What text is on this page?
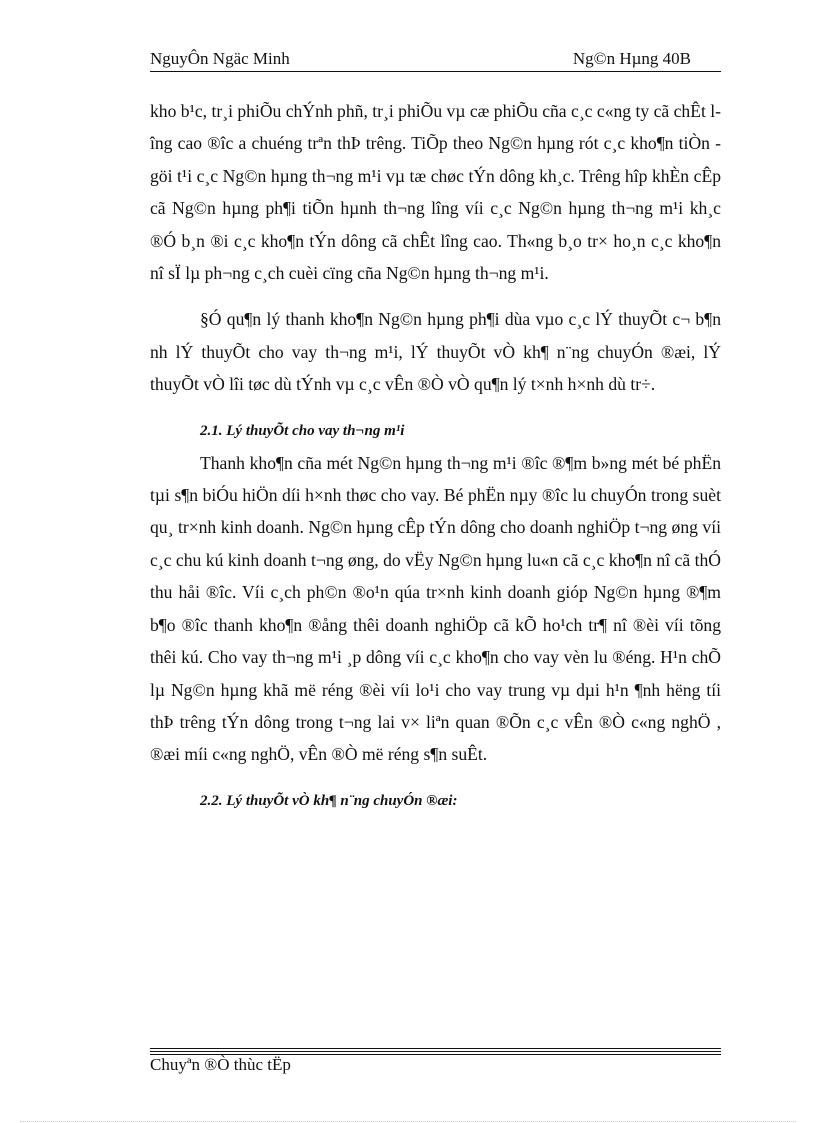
NguyÔn Ngäc Minh	Ng©n Hµng 40B

kho b¹c, tr¸i phiÕu chÝnh phñ, tr¸i phiÕu vµ cæ phiÕu cña c¸c c«ng ty cã chÊt lîng cao ®îc a chuéng trªn thÞ trêng. TiÕp theo Ng©n hµng rót c¸c kho¶n tiÒn göi t¹i c¸c Ng©n hµng th¬ng m¹i vµ tæ chøc tÝn dông kh¸c. Trêng hîp khÈn cÊp cã Ng©n hµng ph¶i tiÕn hµnh th¬ng lîng víi c¸c Ng©n hµng th¬ng m¹i kh¸c ®Ó b¸n ®i c¸c kho¶n tÝn dông cã chÊt lîng cao. Th«ng b¸o tr× ho¸n c¸c kho¶n nî sÏ lµ ph¬ng c¸ch cuèi cïng cña Ng©n hµng th¬ng m¹i.

§Ó qu¶n lý thanh kho¶n Ng©n hµng ph¶i dùa vµo c¸c lÝ thuyÕt c¬ b¶n nh lÝ thuyÕt cho vay th¬ng m¹i, lÝ thuyÕt vÒ kh¶ n¨ng chuyÓn ®æi, lÝ thuyÕt vÒ lîi tøc dù tÝnh vµ c¸c vÊn ®Ò vÒ qu¶n lý t×nh h×nh dù tr÷.

2.1. Lý thuyÕt cho vay th¬ng m¹i

Thanh kho¶n cña mét Ng©n hµng th¬ng m¹i ®îc ®¶m b»ng mét bé phËn tµi s¶n biÓu hiÖn díi h×nh thøc cho vay. Bé phËn nµy ®îc lu chuyÓn trong suèt qu¸ tr×nh kinh doanh. Ng©n hµng cÊp tÝn dông cho doanh nghiÖp t¬ng øng víi c¸c chu kú kinh doanh t¬ng øng, do vËy Ng©n hµng lu«n cã c¸c kho¶n nî cã thÓ thu håi ®îc. Víi c¸ch ph©n ®o¹n qúa tr×nh kinh doanh gióp Ng©n hµng ®¶m b¶o ®îc thanh kho¶n ®ång thêi doanh nghiÖp cã kÕ ho¹ch tr¶ nî ®èi víi tõng thêi kú. Cho vay th¬ng m¹i ¸p dông víi c¸c kho¶n cho vay vèn lu ®éng. H¹n chÕ lµ Ng©n hµng khã më réng ®èi víi lo¹i cho vay trung vµ dµi h¹n ¶nh hëng tíi thÞ trêng tÝn dông trong t¬ng lai v× liªn quan ®Õn c¸c vÊn ®Ò c«ng nghÖ , ®æi míi c«ng nghÖ, vÊn ®Ò më réng s¶n suÊt.

2.2. Lý thuyÕt vÒ kh¶ n¨ng chuyÓn ®æi:
Chuyªn ®Ò thùc tËp
